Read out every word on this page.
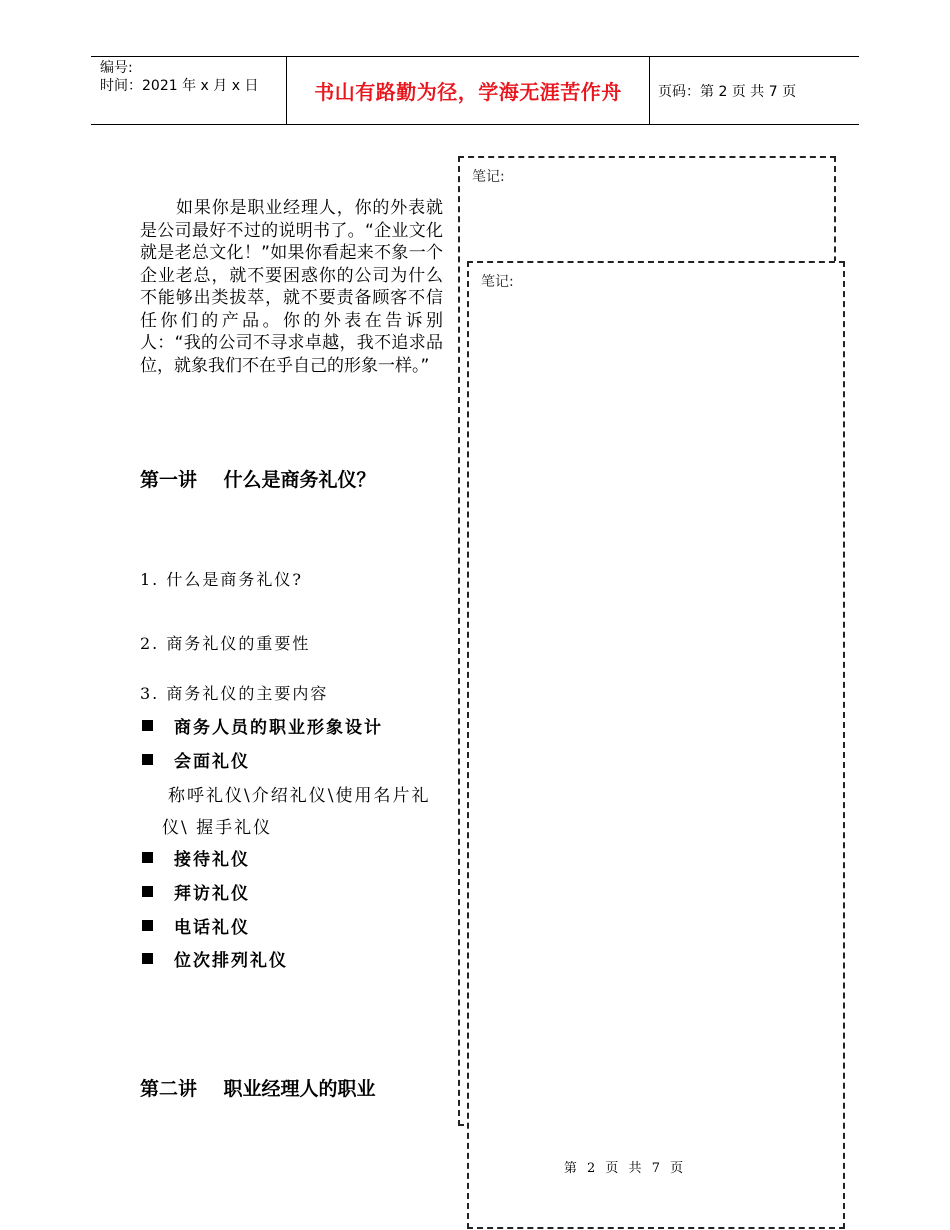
编号:
时间：2021 年 x 月 x 日	书山有路勤为径，学海无涯苦作舟	页码：第 2 页 共 7 页
笔记:
笔记:

如果你是职业经理人，你的外表就是公司最好不过的说明书了。“企业文化就是老总文化！”如果你看起来不象一个企业老总，就不要困惑你的公司为什么不能够出类拔萃，就不要责备顾客不信任你们的产品。你的外表在告诉别人：“我的公司不寻求卓越，我不追求品位，就象我们不在乎自己的形象一样。”

第一讲    什么是商务礼仪？
1. 什么是商务礼仪?
2. 商务礼仪的重要性
3. 商务礼仪的主要内容
商务人员的职业形象设计
会面礼仪
称呼礼仪\介绍礼仪\使用名片礼
仪\ 握手礼仪
接待礼仪
拜访礼仪
电话礼仪
位次排列礼仪
第二讲    职业经理人的职业
第 2 页 共 7 页
